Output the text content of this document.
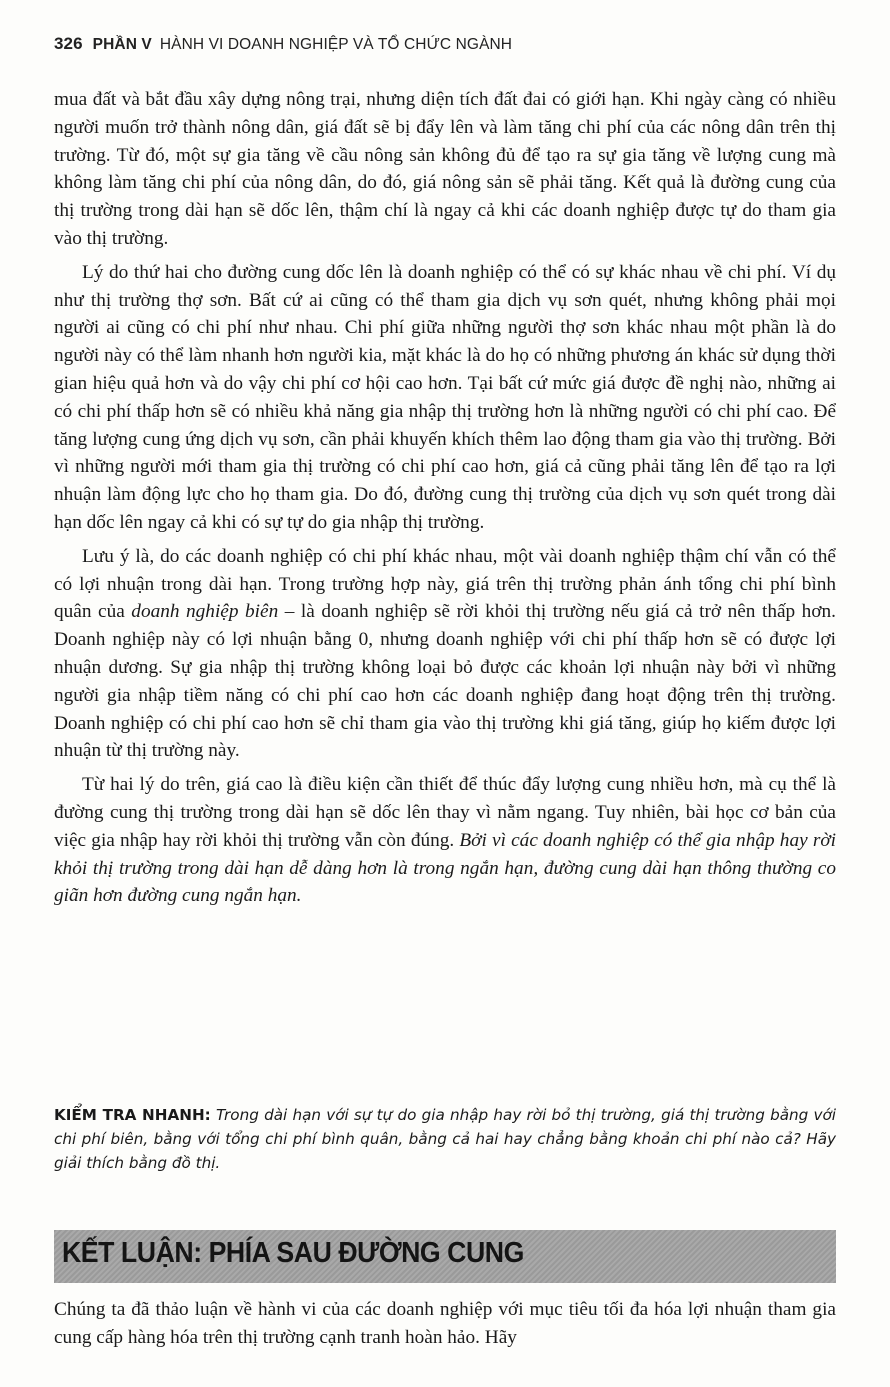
326 PHẦN V HÀNH VI DOANH NGHIỆP VÀ TỔ CHỨC NGÀNH

mua đất và bắt đầu xây dựng nông trại, nhưng diện tích đất đai có giới hạn. Khi ngày càng có nhiều người muốn trở thành nông dân, giá đất sẽ bị đẩy lên và làm tăng chi phí của các nông dân trên thị trường. Từ đó, một sự gia tăng về cầu nông sản không đủ để tạo ra sự gia tăng về lượng cung mà không làm tăng chi phí của nông dân, do đó, giá nông sản sẽ phải tăng. Kết quả là đường cung của thị trường trong dài hạn sẽ dốc lên, thậm chí là ngay cả khi các doanh nghiệp được tự do tham gia vào thị trường.

Lý do thứ hai cho đường cung dốc lên là doanh nghiệp có thể có sự khác nhau về chi phí. Ví dụ như thị trường thợ sơn. Bất cứ ai cũng có thể tham gia dịch vụ sơn quét, nhưng không phải mọi người ai cũng có chi phí như nhau. Chi phí giữa những người thợ sơn khác nhau một phần là do người này có thể làm nhanh hơn người kia, mặt khác là do họ có những phương án khác sử dụng thời gian hiệu quả hơn và do vậy chi phí cơ hội cao hơn. Tại bất cứ mức giá được đề nghị nào, những ai có chi phí thấp hơn sẽ có nhiều khả năng gia nhập thị trường hơn là những người có chi phí cao. Để tăng lượng cung ứng dịch vụ sơn, cần phải khuyến khích thêm lao động tham gia vào thị trường. Bởi vì những người mới tham gia thị trường có chi phí cao hơn, giá cả cũng phải tăng lên để tạo ra lợi nhuận làm động lực cho họ tham gia. Do đó, đường cung thị trường của dịch vụ sơn quét trong dài hạn dốc lên ngay cả khi có sự tự do gia nhập thị trường.

Lưu ý là, do các doanh nghiệp có chi phí khác nhau, một vài doanh nghiệp thậm chí vẫn có thể có lợi nhuận trong dài hạn. Trong trường hợp này, giá trên thị trường phản ánh tổng chi phí bình quân của doanh nghiệp biên – là doanh nghiệp sẽ rời khỏi thị trường nếu giá cả trở nên thấp hơn. Doanh nghiệp này có lợi nhuận bằng 0, nhưng doanh nghiệp với chi phí thấp hơn sẽ có được lợi nhuận dương. Sự gia nhập thị trường không loại bỏ được các khoản lợi nhuận này bởi vì những người gia nhập tiềm năng có chi phí cao hơn các doanh nghiệp đang hoạt động trên thị trường. Doanh nghiệp có chi phí cao hơn sẽ chỉ tham gia vào thị trường khi giá tăng, giúp họ kiếm được lợi nhuận từ thị trường này.

Từ hai lý do trên, giá cao là điều kiện cần thiết để thúc đẩy lượng cung nhiều hơn, mà cụ thể là đường cung thị trường trong dài hạn sẽ dốc lên thay vì nằm ngang. Tuy nhiên, bài học cơ bản của việc gia nhập hay rời khỏi thị trường vẫn còn đúng. Bởi vì các doanh nghiệp có thể gia nhập hay rời khỏi thị trường trong dài hạn dễ dàng hơn là trong ngắn hạn, đường cung dài hạn thông thường co giãn hơn đường cung ngắn hạn.

KIỂM TRA NHANH: Trong dài hạn với sự tự do gia nhập hay rời bỏ thị trường, giá thị trường bằng với chi phí biên, bằng với tổng chi phí bình quân, bằng cả hai hay chẳng bằng khoản chi phí nào cả? Hãy giải thích bằng đồ thị.
KẾT LUẬN: PHÍA SAU ĐƯỜNG CUNG

Chúng ta đã thảo luận về hành vi của các doanh nghiệp với mục tiêu tối đa hóa lợi nhuận tham gia cung cấp hàng hóa trên thị trường cạnh tranh hoàn hảo. Hãy
